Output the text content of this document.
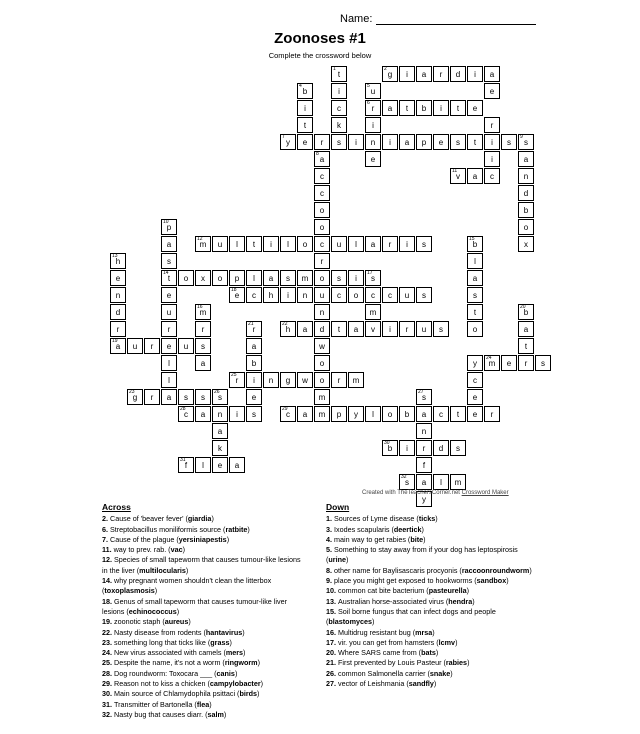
Name:
Zoonoses #1
Complete the crossword below
2
g	i	a	r	d	i	a
1
t
i
c
k
s
4
b
i
t
e
5
u
6
r
i
n
e
a	t	b	i	t	e
e
r
i
c
7
y	r	i	i	a	p	e	s	t	i	s
9
s
a
n
d
b
o
x
8
a
c
c
o
o
c
r
u
n
d
w
o
o
m
11
v	a
15
b
l
a
s
t
o
y
c
e
e
18
e	c	h	i	n	c	o	c	c	u	s
17
s
m
v
21
r
a
b
i
e
s
22
h	a	t	a	i	r	u	s
20
b
a
t
r
24
m	e	s
25
r	n	g	w	r	m
26
s
n
a
k
e
28
c	a	i
29
c	a	m	p	y	l	o	b	a	c	t	r
27
s
n
r
f
a
y
30
b	i	d	s
31
f	l	a
32
s	l	m
13
h
e
n
d
r
19
a	u	r	e	u	s
10
p
a
s
14
t
e
u
r
l
l
a
o	x	o	p	l	a	s	m	o	s	i
23
g	r	s	s
16
m
r
a
12
m	u	l	t	i	l	o	u	l	a	r	i	s
Created with TheTeachersCorner.net Crossword Maker
Across
2. Cause of 'beaver fever' (giardia)
6. Streptobacillus moniliformis source (ratbite)
7. Cause of the plague (yersiniapestis)
11. way to prev. rab. (vac)
12. Species of small tapeworm that causes tumour-like lesions in the liver (multilocularis)
14. why pregnant women shouldn't clean the litterbox (toxoplasmosis)
18. Genus of small tapeworm that causes tumour-like liver lesions (echinococcus)
19. zoonotic staph (aureus)
22. Nasty disease from rodents (hantavirus)
23. something long that ticks like (grass)
24. New virus associated with camels (mers)
25. Despite the name, it's not a worm (ringworm)
28. Dog roundworm: Toxocara ___ (canis)
29. Reason not to kiss a chicken (campylobacter)
30. Main source of Chlamydophila psittaci (birds)
31. Transmitter of Bartonella (flea)
32. Nasty bug that causes diarr. (salm)
Down
1. Sources of Lyme disease (ticks)
3. Ixodes scapularis (deertick)
4. main way to get rabies (bite)
5. Something to stay away from if your dog has leptospirosis (urine)
8. other name for Baylisascaris procyonis (raccoonroundworm)
9. place you might get exposed to hookworms (sandbox)
10. common cat bite bacterium (pasteurella)
13. Australian horse-associated virus (hendra)
15. Soil borne fungus that can infect dogs and people (blastomyces)
16. Multidrug resistant bug (mrsa)
17. vir. you can get from hamsters (lcmv)
20. Where SARS came from (bats)
21. First prevented by Louis Pasteur (rabies)
26. common Salmonella carrier (snake)
27. vector of Leishmania (sandfly)
